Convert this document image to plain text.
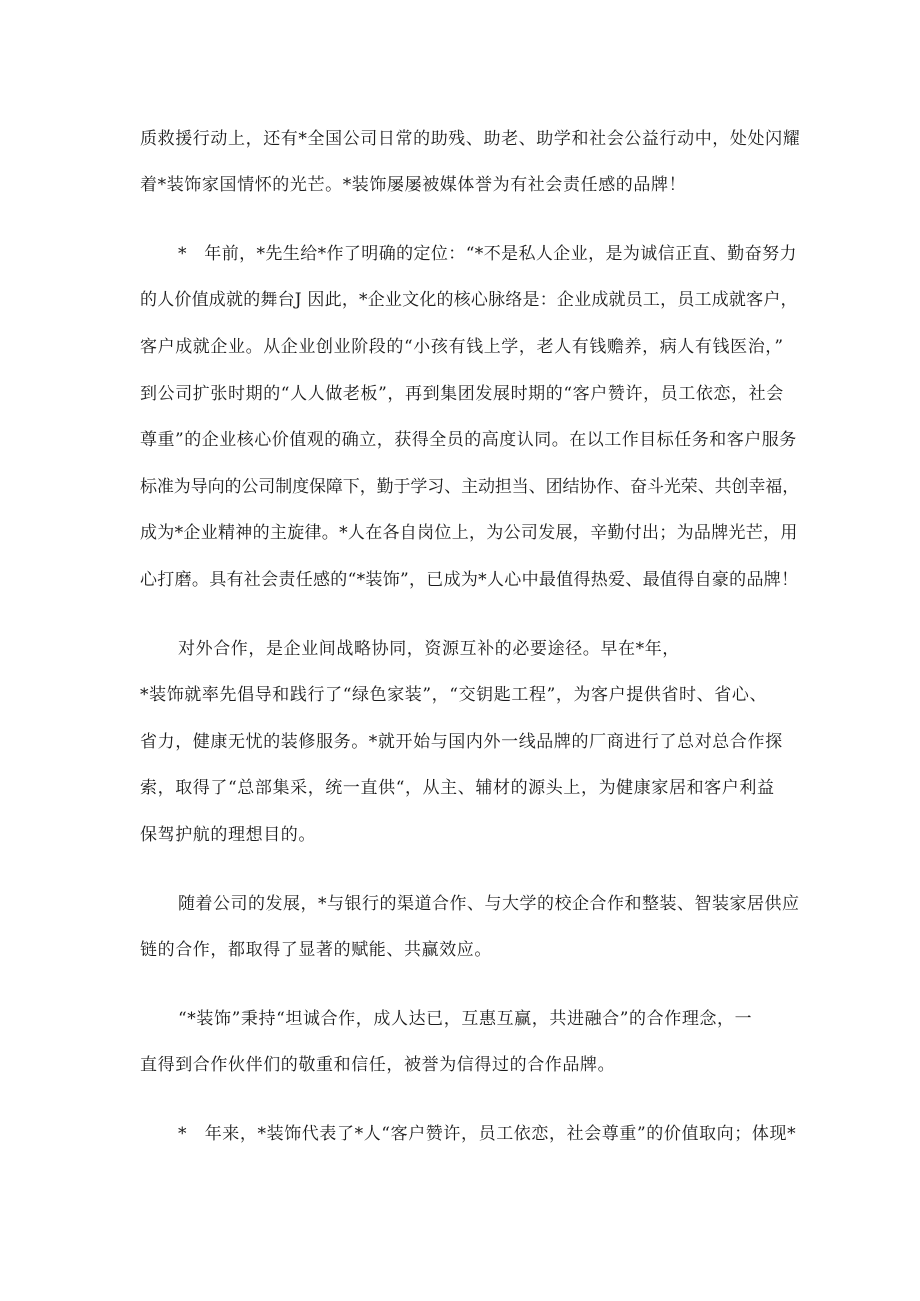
质救援行动上，还有*全国公司日常的助残、助老、助学和社会公益行动中，处处闪耀
着*装饰家国情怀的光芒。*装饰屡屡被媒体誉为有社会责任感的品牌！
*　年前，*先生给*作了明确的定位：“*不是私人企业，是为诚信正直、勤奋努力
的人价值成就的舞台J 因此，*企业文化的核心脉络是：企业成就员工，员工成就客户，
客户成就企业。从企业创业阶段的“小孩有钱上学，老人有钱赡养，病人有钱医治，”
到公司扩张时期的“人人做老板”，再到集团发展时期的“客户赞许，员工依恋，社会
尊重”的企业核心价值观的确立，获得全员的高度认同。在以工作目标任务和客户服务
标准为导向的公司制度保障下，勤于学习、主动担当、团结协作、奋斗光荣、共创幸福，
成为*企业精神的主旋律。*人在各自岗位上，为公司发展，辛勤付出；为品牌光芒，用
心打磨。具有社会责任感的“*装饰”，已成为*人心中最值得热爱、最值得自豪的品牌！
对外合作，是企业间战略协同，资源互补的必要途径。早在*年，
*装饰就率先倡导和践行了“绿色家装”，“交钥匙工程”，为客户提供省时、省心、
省力，健康无忧的装修服务。*就开始与国内外一线品牌的厂商进行了总对总合作探
索，取得了“总部集采，统一直供“，从主、辅材的源头上，为健康家居和客户利益
保驾护航的理想目的。
随着公司的发展，*与银行的渠道合作、与大学的校企合作和整装、智装家居供应
链的合作，都取得了显著的赋能、共赢效应。
“*装饰”秉持“坦诚合作，成人达已，互惠互赢，共进融合”的合作理念，一
直得到合作伙伴们的敬重和信任，被誉为信得过的合作品牌。
*　年来，*装饰代表了*人“客户赞许，员工依恋，社会尊重”的价值取向；体现*
